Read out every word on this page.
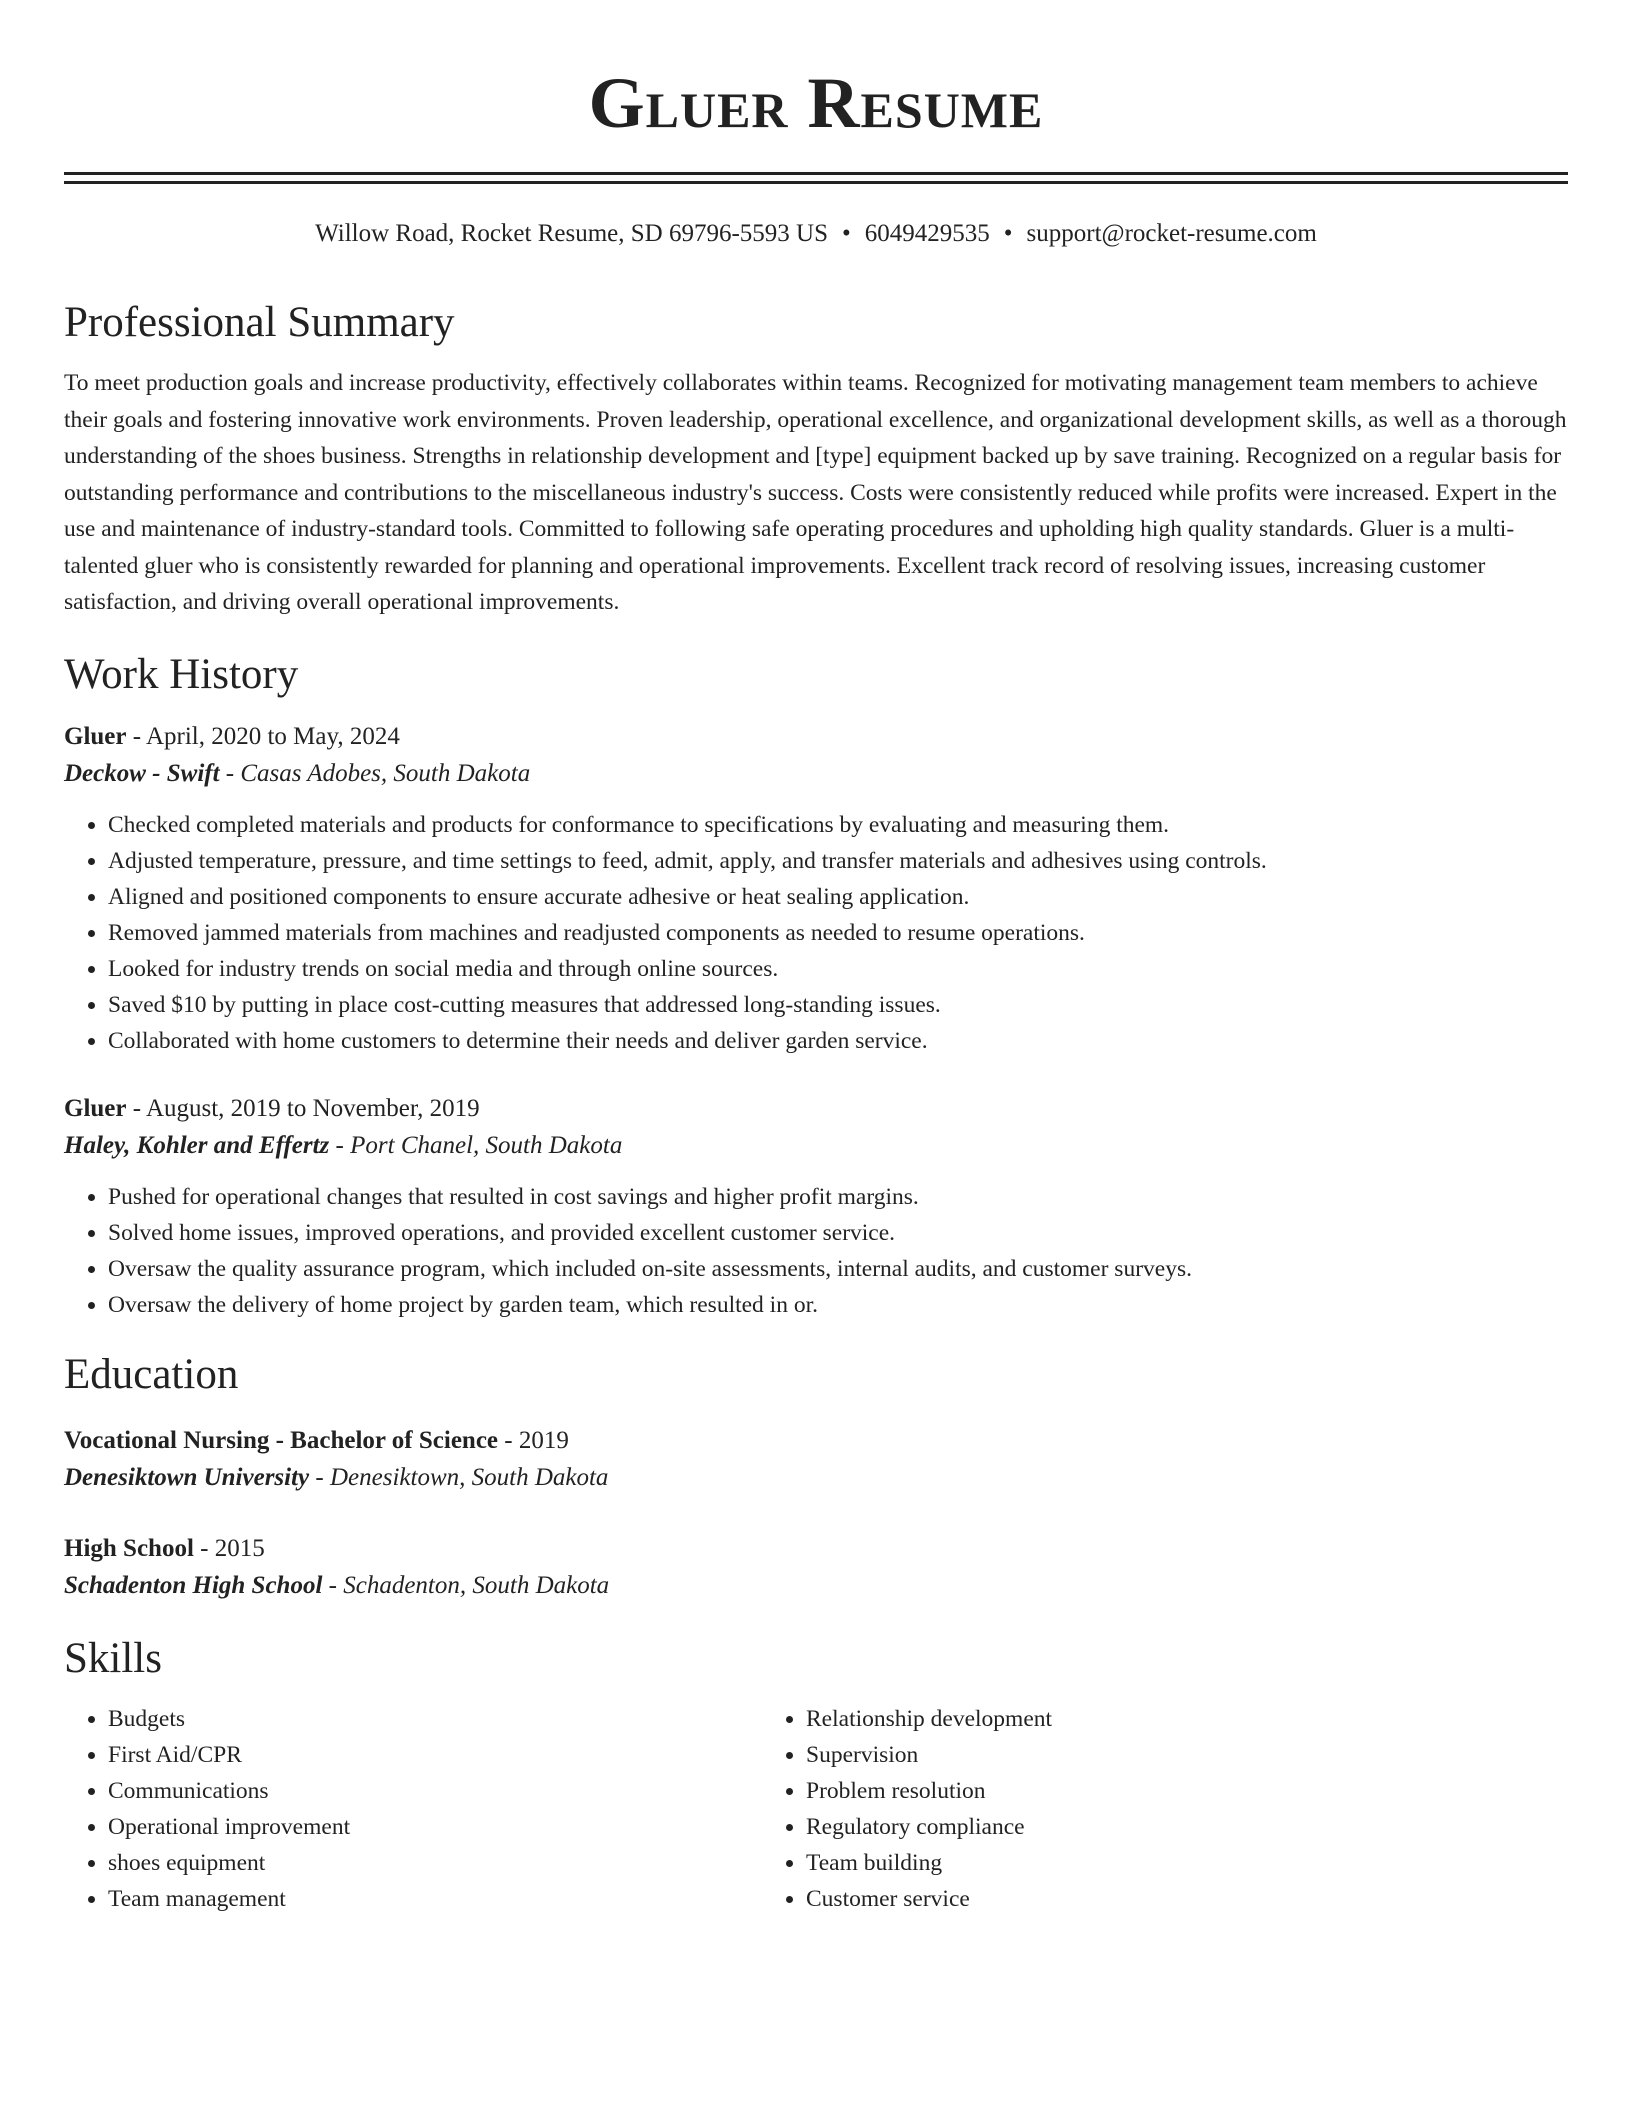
Gluer Resume
Willow Road, Rocket Resume, SD 69796-5593 US • 6049429535 • support@rocket-resume.com
Professional Summary
To meet production goals and increase productivity, effectively collaborates within teams. Recognized for motivating management team members to achieve their goals and fostering innovative work environments. Proven leadership, operational excellence, and organizational development skills, as well as a thorough understanding of the shoes business. Strengths in relationship development and [type] equipment backed up by save training. Recognized on a regular basis for outstanding performance and contributions to the miscellaneous industry's success. Costs were consistently reduced while profits were increased. Expert in the use and maintenance of industry-standard tools. Committed to following safe operating procedures and upholding high quality standards. Gluer is a multi-talented gluer who is consistently rewarded for planning and operational improvements. Excellent track record of resolving issues, increasing customer satisfaction, and driving overall operational improvements.
Work History
Gluer - April, 2020 to May, 2024
Deckow - Swift - Casas Adobes, South Dakota
• Checked completed materials and products for conformance to specifications by evaluating and measuring them.
• Adjusted temperature, pressure, and time settings to feed, admit, apply, and transfer materials and adhesives using controls.
• Aligned and positioned components to ensure accurate adhesive or heat sealing application.
• Removed jammed materials from machines and readjusted components as needed to resume operations.
• Looked for industry trends on social media and through online sources.
• Saved $10 by putting in place cost-cutting measures that addressed long-standing issues.
• Collaborated with home customers to determine their needs and deliver garden service.
Gluer - August, 2019 to November, 2019
Haley, Kohler and Effertz - Port Chanel, South Dakota
• Pushed for operational changes that resulted in cost savings and higher profit margins.
• Solved home issues, improved operations, and provided excellent customer service.
• Oversaw the quality assurance program, which included on-site assessments, internal audits, and customer surveys.
• Oversaw the delivery of home project by garden team, which resulted in or.
Education
Vocational Nursing - Bachelor of Science - 2019
Denesiktown University - Denesiktown, South Dakota
High School - 2015
Schadenton High School - Schadenton, South Dakota
Skills
• Budgets
• First Aid/CPR
• Communications
• Operational improvement
• shoes equipment
• Team management
• Relationship development
• Supervision
• Problem resolution
• Regulatory compliance
• Team building
• Customer service
